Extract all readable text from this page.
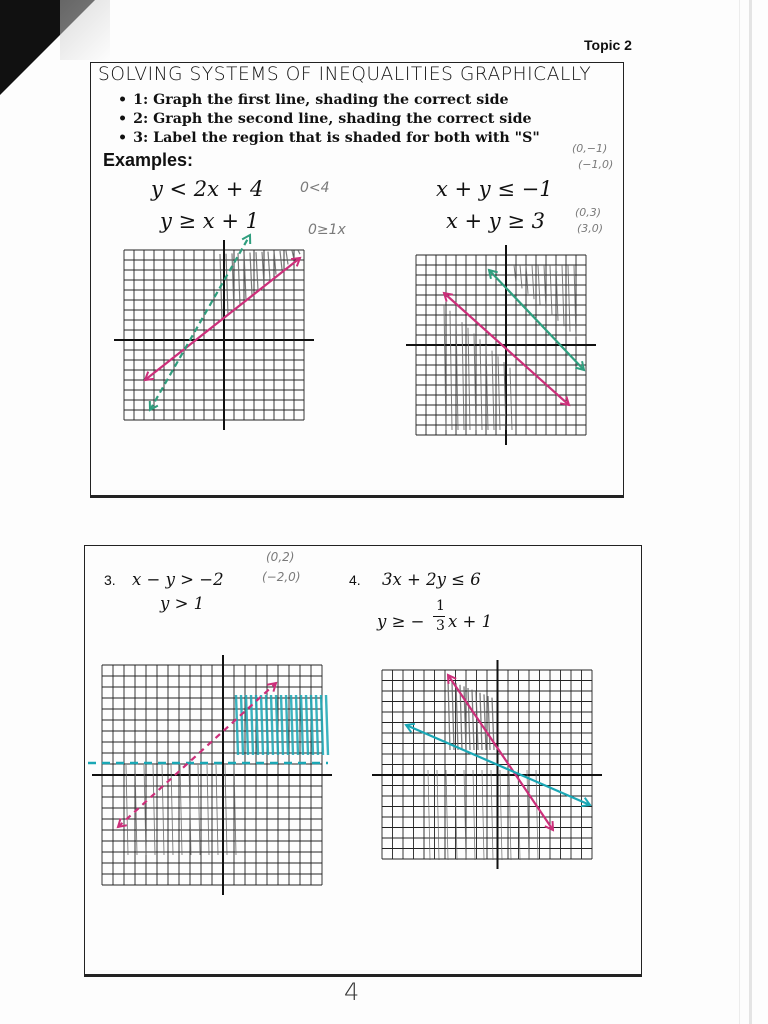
Topic 2
SOLVING SYSTEMS OF INEQUALITIES GRAPHICALLY
• 1: Graph the first line, shading the correct side
• 2: Graph the second line, shading the correct side
• 3: Label the region that is shaded for both with "S"
Examples:
y < 2x + 4
y ≥ x + 1
0<4
0≥1x
x + y ≤ −1
x + y ≥ 3
(0,−1)
(−1,0)
(0,3)
(3,0)
3. x − y > −2
y > 1
(0,2)
(−2,0)	4. 3x + 2y ≤ 6
y ≥ −
1
3 x + 1
4
